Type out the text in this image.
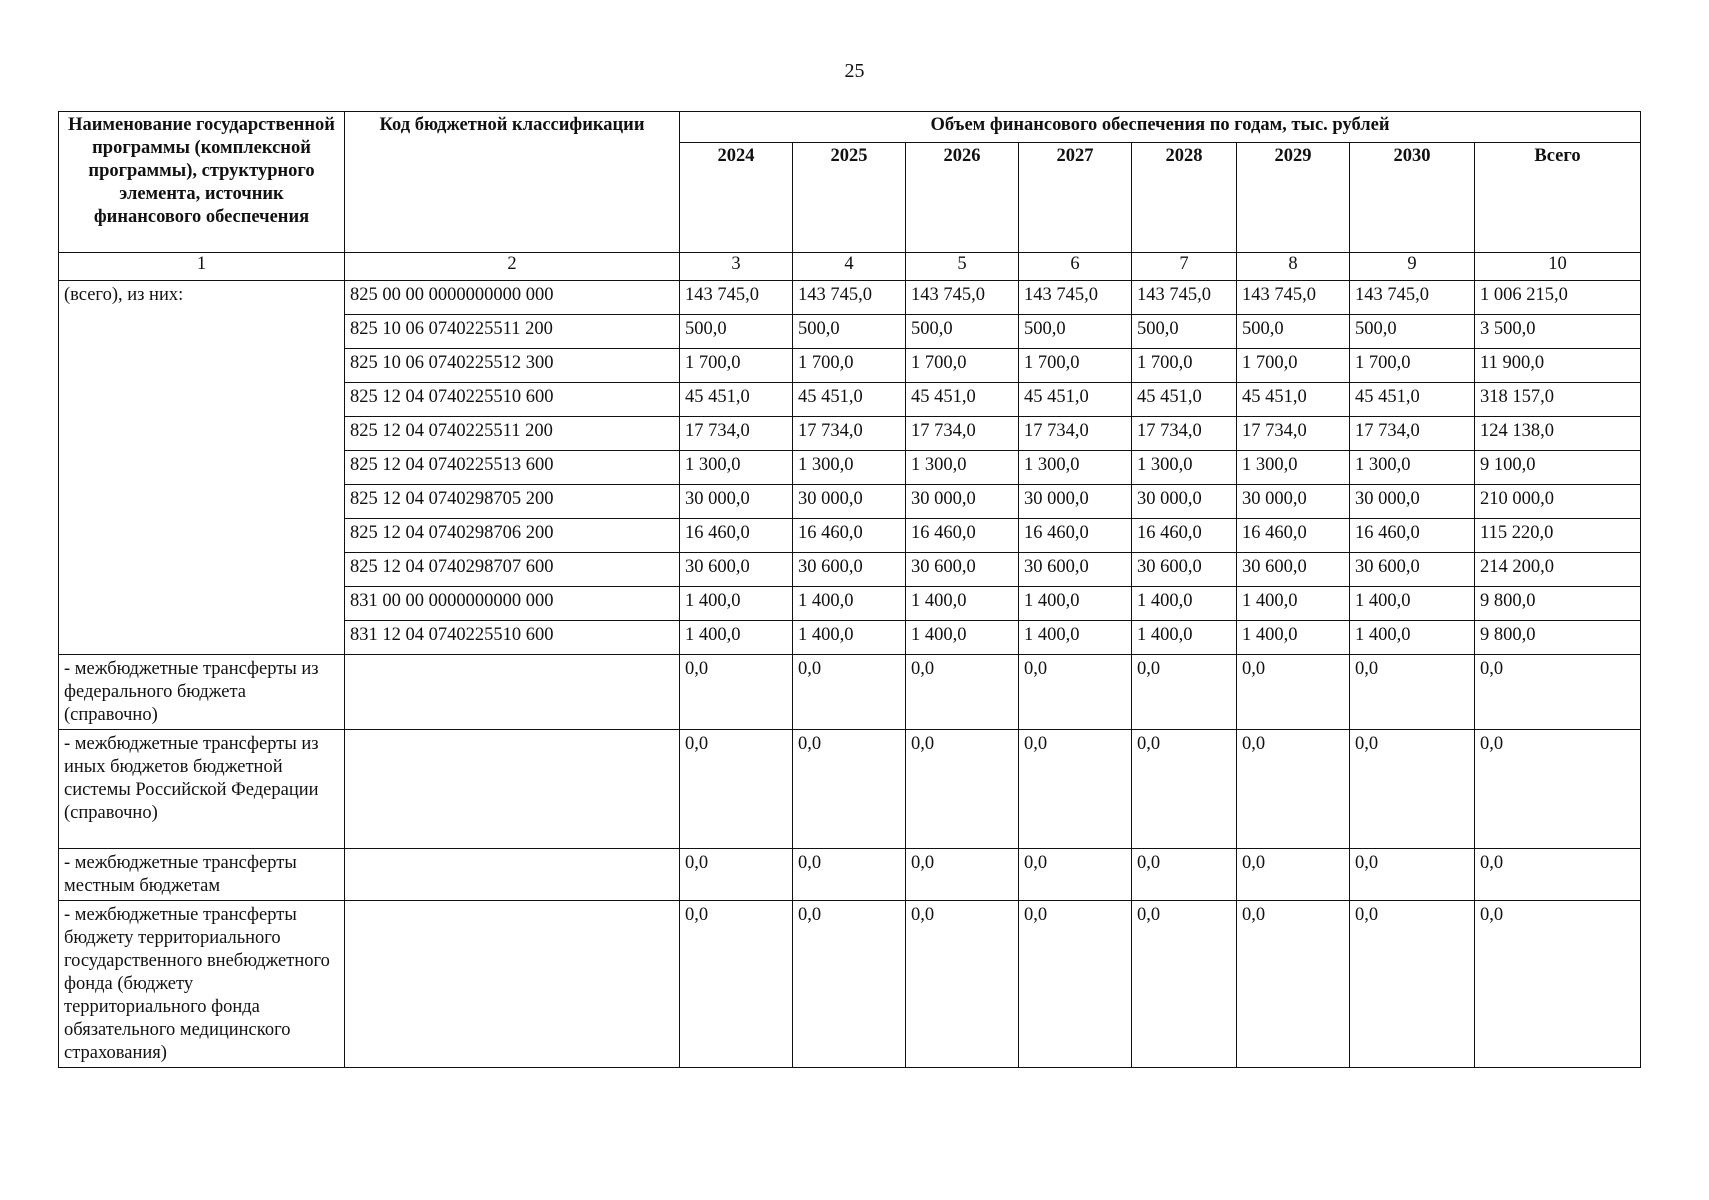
25
Наименование государственной программы (комплексной программы), структурного элемента, источник финансового обеспечения	Код бюджетной классификации	Объем финансового обеспечения по годам, тыс. рублей							
		2024	2025	2026	2027	2028	2029	2030	Всего
1	2	3	4	5	6	7	8	9	10
(всего), из них:	825 00 00 0000000000 000	143 745,0	143 745,0	143 745,0	143 745,0	143 745,0	143 745,0	143 745,0	1 006 215,0
	825 10 06 0740225511 200	500,0	500,0	500,0	500,0	500,0	500,0	500,0	3 500,0
	825 10 06 0740225512 300	1 700,0	1 700,0	1 700,0	1 700,0	1 700,0	1 700,0	1 700,0	11 900,0
	825 12 04 0740225510 600	45 451,0	45 451,0	45 451,0	45 451,0	45 451,0	45 451,0	45 451,0	318 157,0
	825 12 04 0740225511 200	17 734,0	17 734,0	17 734,0	17 734,0	17 734,0	17 734,0	17 734,0	124 138,0
	825 12 04 0740225513 600	1 300,0	1 300,0	1 300,0	1 300,0	1 300,0	1 300,0	1 300,0	9 100,0
	825 12 04 0740298705 200	30 000,0	30 000,0	30 000,0	30 000,0	30 000,0	30 000,0	30 000,0	210 000,0
	825 12 04 0740298706 200	16 460,0	16 460,0	16 460,0	16 460,0	16 460,0	16 460,0	16 460,0	115 220,0
	825 12 04 0740298707 600	30 600,0	30 600,0	30 600,0	30 600,0	30 600,0	30 600,0	30 600,0	214 200,0
	831 00 00 0000000000 000	1 400,0	1 400,0	1 400,0	1 400,0	1 400,0	1 400,0	1 400,0	9 800,0
	831 12 04 0740225510 600	1 400,0	1 400,0	1 400,0	1 400,0	1 400,0	1 400,0	1 400,0	9 800,0
- межбюджетные трансферты из федерального бюджета (справочно)		0,0	0,0	0,0	0,0	0,0	0,0	0,0	0,0
- межбюджетные трансферты из иных бюджетов бюджетной системы Российской Федерации (справочно)		0,0	0,0	0,0	0,0	0,0	0,0	0,0	0,0
- межбюджетные трансферты местным бюджетам		0,0	0,0	0,0	0,0	0,0	0,0	0,0	0,0
- межбюджетные трансферты бюджету территориального государственного внебюджетного фонда (бюджету территориального фонда обязательного медицинского страхования)		0,0	0,0	0,0	0,0	0,0	0,0	0,0	0,0
